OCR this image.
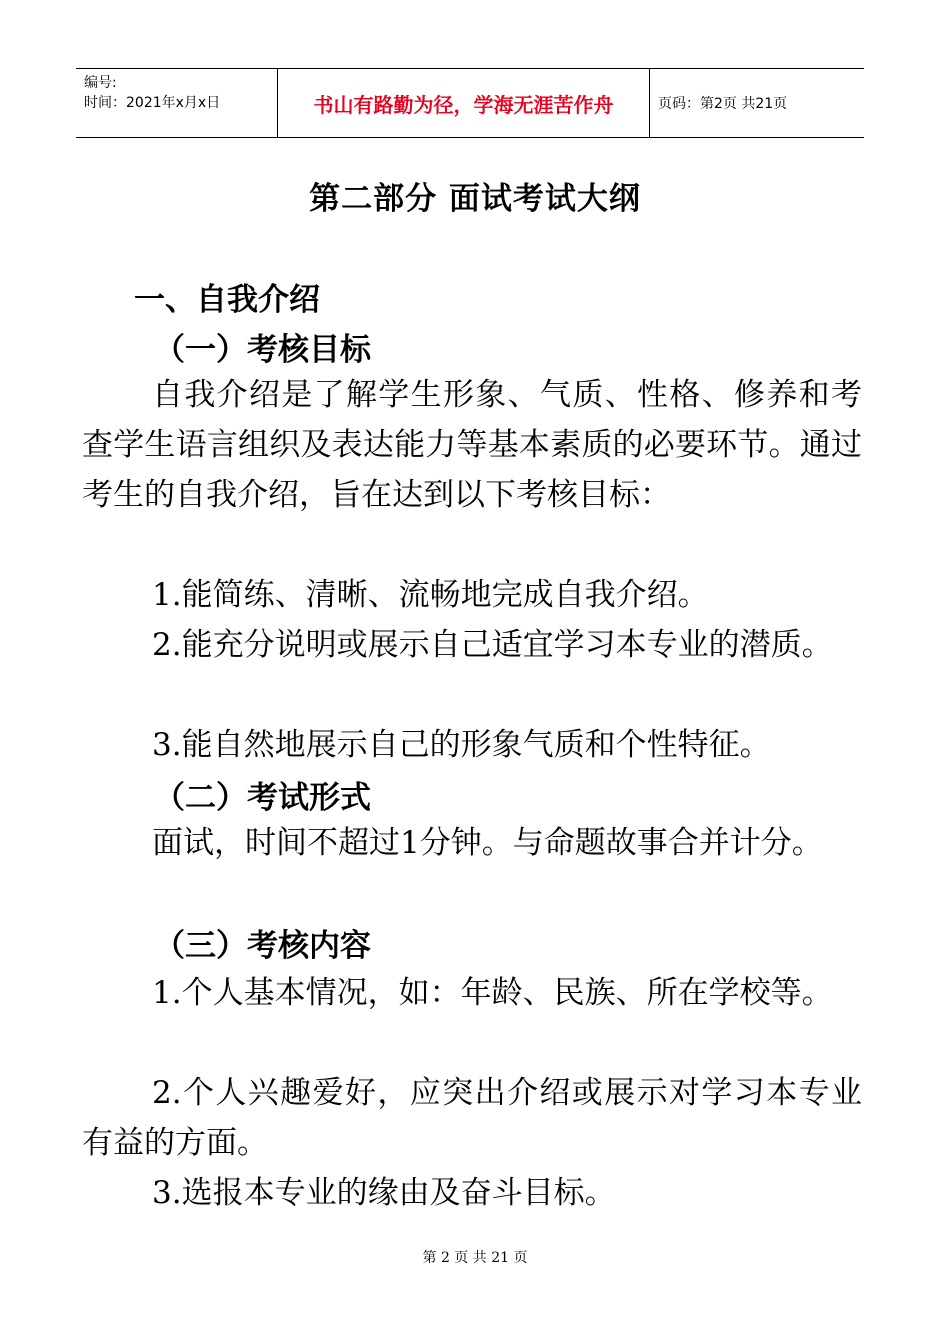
编号:
时间：2021年x月x日	书山有路勤为径，学海无涯苦作舟	页码：第2页 共21页
第二部分 面试考试大纲
一、自我介绍
（一）考核目标
自我介绍是了解学生形象、气质、性格、修养和考查学生语言组织及表达能力等基本素质的必要环节。通过考生的自我介绍，旨在达到以下考核目标：
1.能简练、清晰、流畅地完成自我介绍。
2.能充分说明或展示自己适宜学习本专业的潜质。
3.能自然地展示自己的形象气质和个性特征。
（二）考试形式
面试，时间不超过1分钟。与命题故事合并计分。
（三）考核内容
1.个人基本情况，如：年龄、民族、所在学校等。
2.个人兴趣爱好，应突出介绍或展示对学习本专业有益的方面。
3.选报本专业的缘由及奋斗目标。
第 2 页 共 21 页
